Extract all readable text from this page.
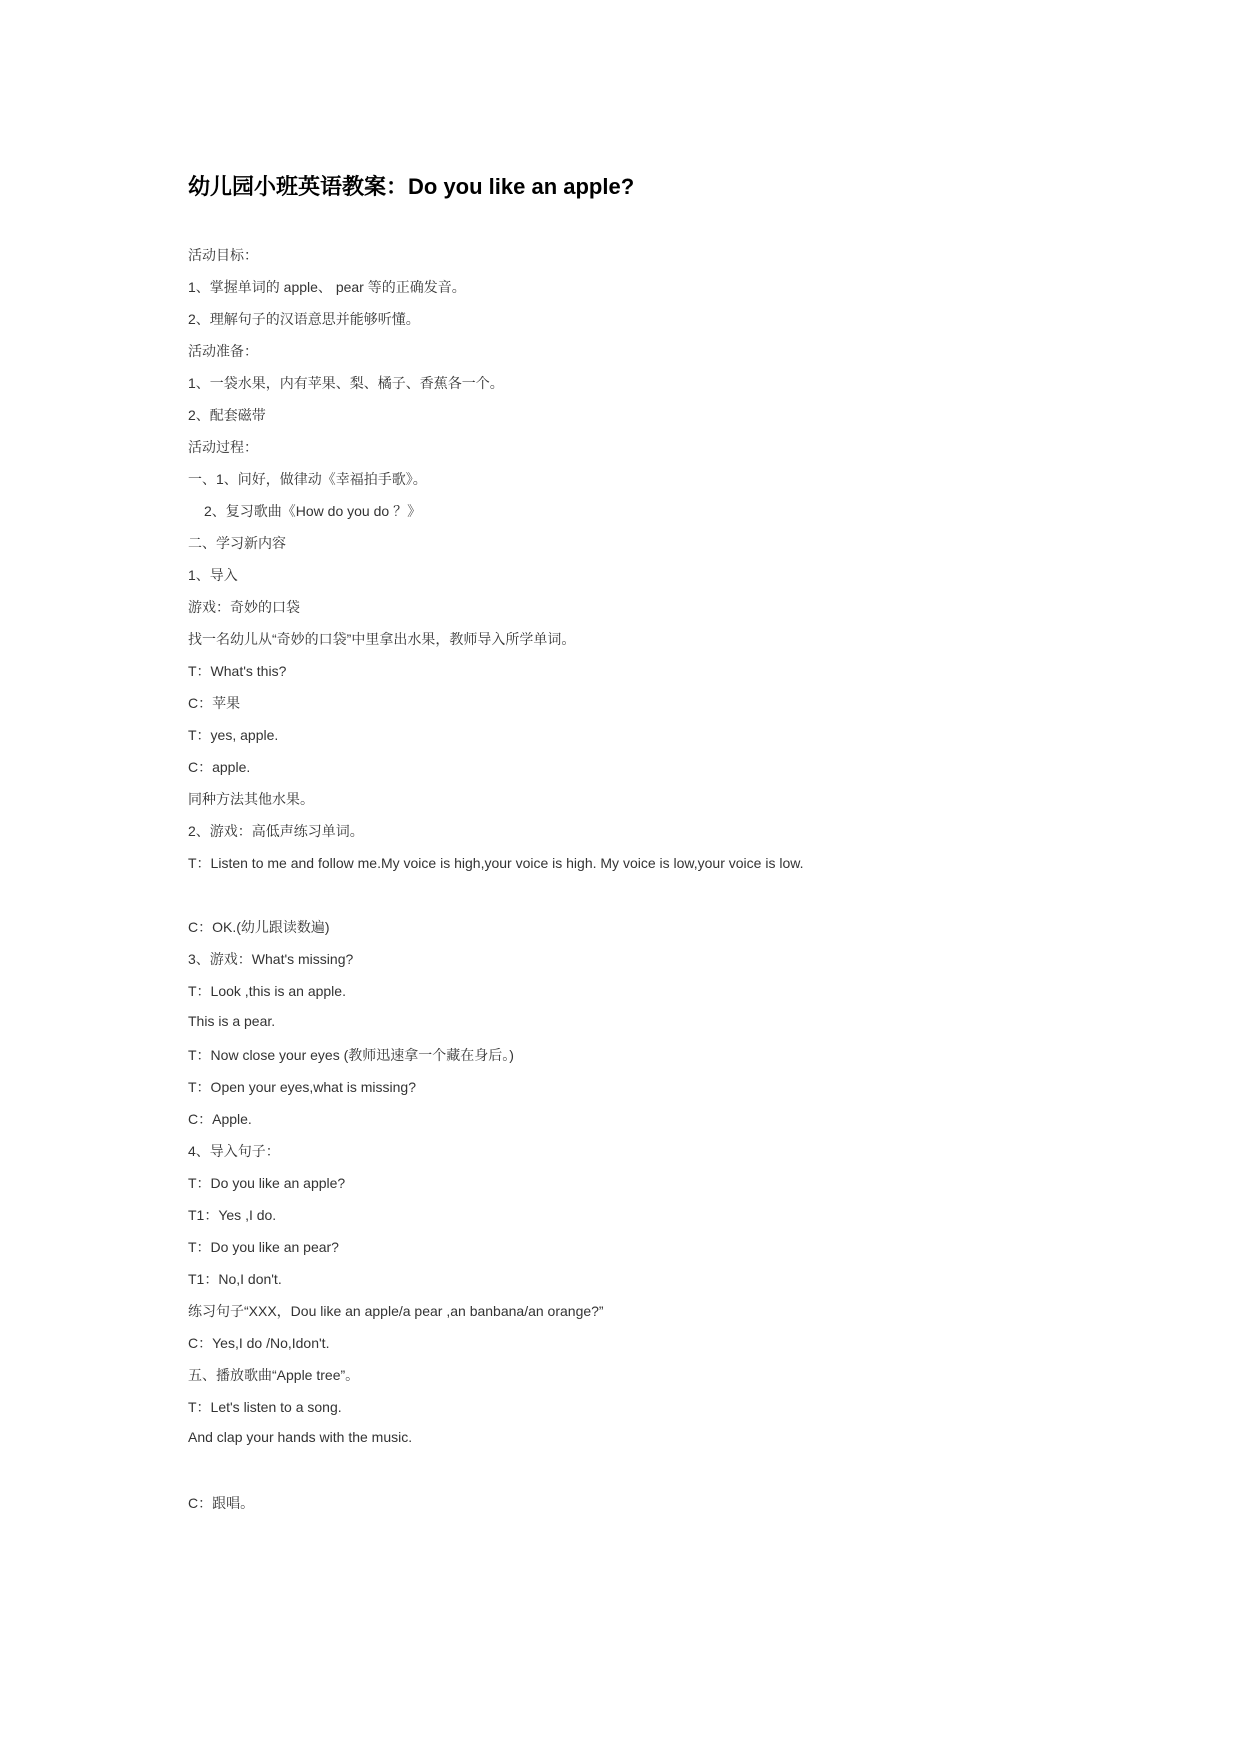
幼儿园小班英语教案：Do you like an apple?

活动目标：

1、掌握单词的 apple、 pear 等的正确发音。

2、理解句子的汉语意思并能够听懂。

活动准备：

1、一袋水果，内有苹果、梨、橘子、香蕉各一个。

2、配套磁带

活动过程：

一、1、问好，做律动《幸福拍手歌》。

2、复习歌曲《How do you do ？》

二、学习新内容

1、导入

游戏：奇妙的口袋

找一名幼儿从“奇妙的口袋”中里拿出水果，教师导入所学单词。

T：What's this?

C：苹果

T：yes, apple.

C：apple.

同种方法其他水果。

2、游戏：高低声练习单词。

T：Listen to me and follow me.My voice is high,your voice is high. My voice is low,your voice is low.

C：OK.(幼儿跟读数遍)

3、游戏：What's missing?

T：Look ,this is an apple.

This is a pear.

T：Now close your eyes (教师迅速拿一个藏在身后。)

T：Open your eyes,what is missing?

C：Apple.

4、导入句子：

T：Do you like an apple?

T1：Yes ,I do.

T：Do you like an pear?

T1：No,I don't.

练习句子“XXX，Dou like an apple/a pear ,an banbana/an orange?”

C：Yes,I do /No,Idon't.

五、播放歌曲“Apple tree”。

T：Let's listen to a song.

And clap your hands with the music.

C：跟唱。
